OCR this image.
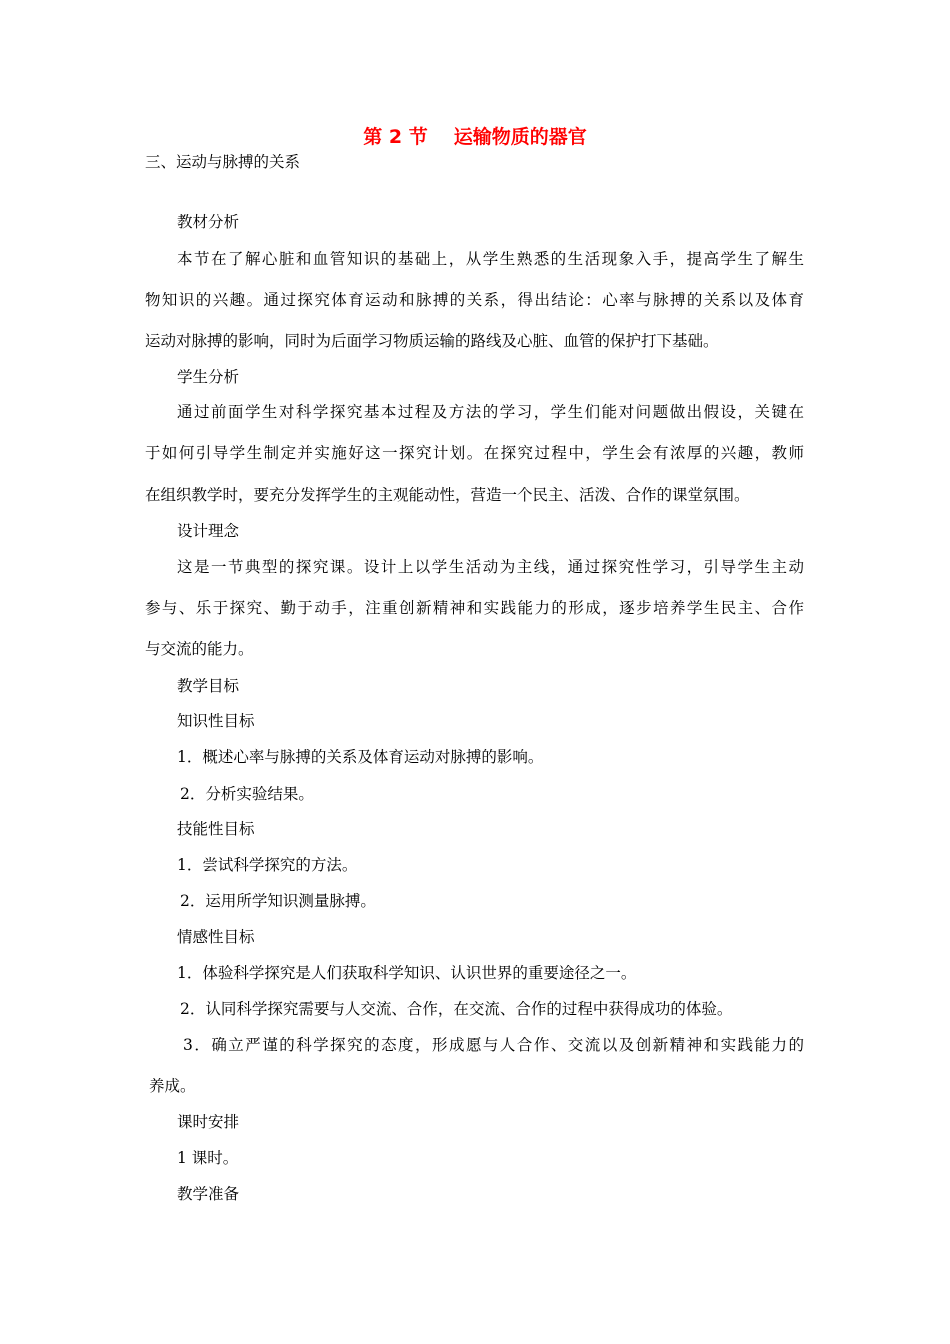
第 2 节 运输物质的器官
三、运动与脉搏的关系
教材分析
本节在了解心脏和血管知识的基础上，从学生熟悉的生活现象入手，提高学生了解生
物知识的兴趣。通过探究体育运动和脉搏的关系，得出结论：心率与脉搏的关系以及体育
运动对脉搏的影响，同时为后面学习物质运输的路线及心脏、血管的保护打下基础。
学生分析
通过前面学生对科学探究基本过程及方法的学习，学生们能对问题做出假设，关键在
于如何引导学生制定并实施好这一探究计划。在探究过程中，学生会有浓厚的兴趣，教师
在组织教学时，要充分发挥学生的主观能动性，营造一个民主、活泼、合作的课堂氛围。
设计理念
这是一节典型的探究课。设计上以学生活动为主线，通过探究性学习，引导学生主动
参与、乐于探究、勤于动手，注重创新精神和实践能力的形成，逐步培养学生民主、合作
与交流的能力。
教学目标
知识性目标
1．概述心率与脉搏的关系及体育运动对脉搏的影响。
2．分析实验结果。
技能性目标
1．尝试科学探究的方法。
2．运用所学知识测量脉搏。
情感性目标
1．体验科学探究是人们获取科学知识、认识世界的重要途径之一。
2．认同科学探究需要与人交流、合作，在交流、合作的过程中获得成功的体验。
3．确立严谨的科学探究的态度，形成愿与人合作、交流以及创新精神和实践能力的
养成。
课时安排
1 课时。
教学准备
